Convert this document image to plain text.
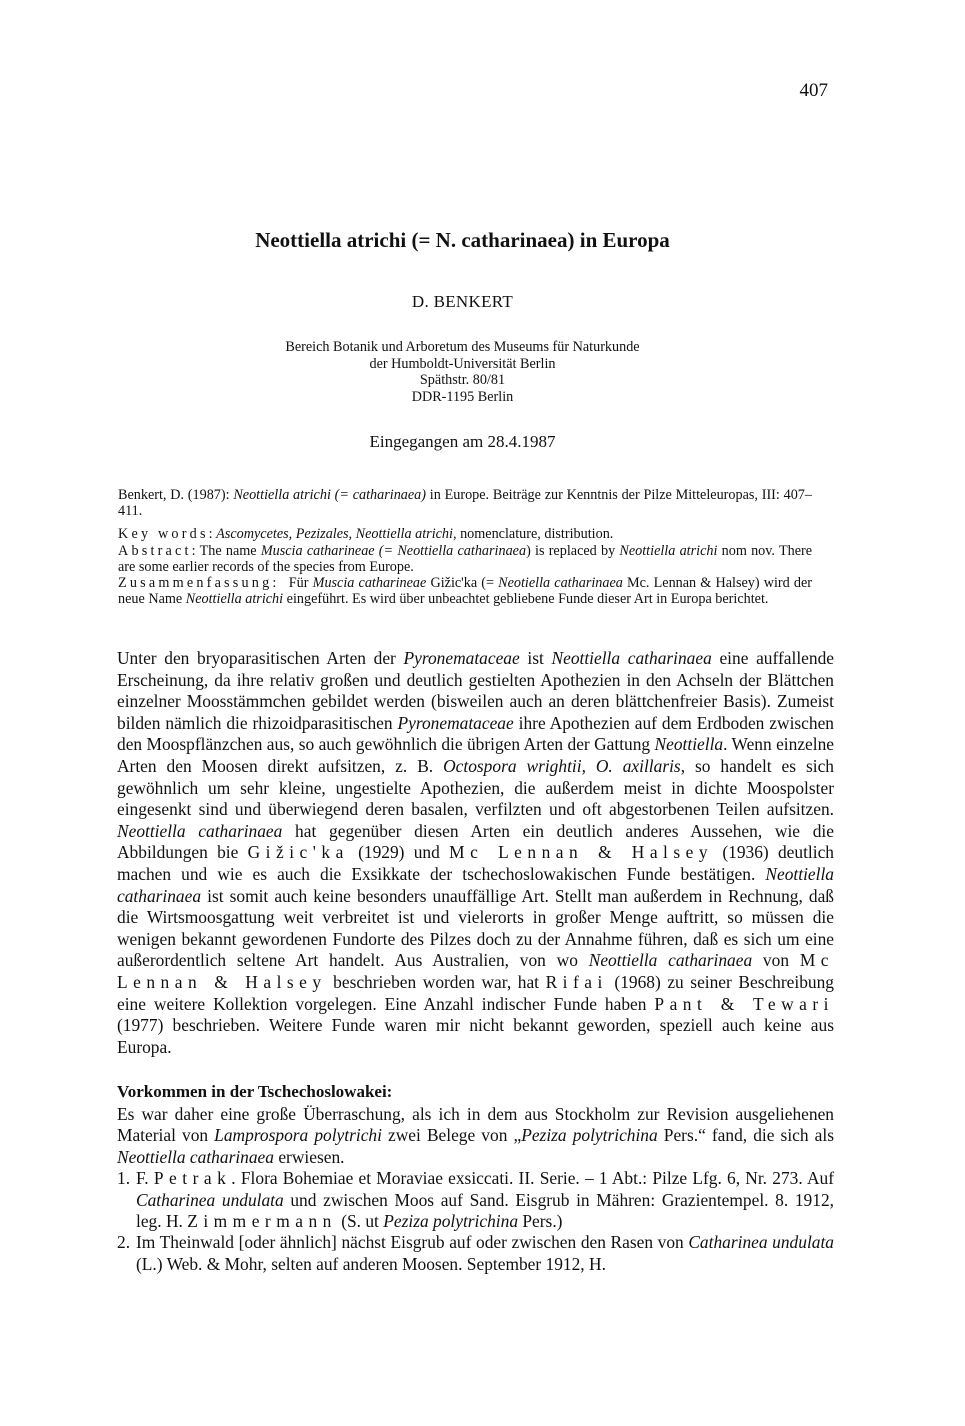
407
Neottiella atrichi (= N. catharinaea) in Europa
D. BENKERT
Bereich Botanik und Arboretum des Museums für Naturkunde
der Humboldt-Universität Berlin
Späthstr. 80/81
DDR-1195 Berlin
Eingegangen am 28.4.1987

Benkert, D. (1987): Neottiella atrichi (= catharinaea) in Europe. Beiträge zur Kenntnis der Pilze Mitteleuropas, III: 407–411.

Key words: Ascomycetes, Pezizales, Neottiella atrichi, nomenclature, distribution.

Abstract: The name Muscia catharineae (= Neottiella catharinaea) is replaced by Neottiella atrichi nom nov. There are some earlier records of the species from Europe.

Zusammenfassung:   Für Muscia catharineae Gižic'ka (= Neotiella catharinaea Mc. Lennan & Halsey) wird der neue Name Neottiella atrichi eingeführt. Es wird über unbeachtet gebliebene Funde dieser Art in Europa berichtet.

Unter den bryoparasitischen Arten der Pyronemataceae ist Neottiella catharinaea eine auffallende Erscheinung, da ihre relativ großen und deutlich gestielten Apothezien in den Achseln der Blättchen einzelner Moosstämmchen gebildet werden (bisweilen auch an deren blättchenfreier Basis). Zumeist bilden nämlich die rhizoidparasitischen Pyronemataceae ihre Apothezien auf dem Erdboden zwischen den Moospflänzchen aus, so auch gewöhnlich die übrigen Arten der Gattung Neottiella. Wenn einzelne Arten den Moosen direkt aufsitzen, z. B. Octospora wrightii, O. axillaris, so handelt es sich gewöhnlich um sehr kleine, ungestielte Apothezien, die außerdem meist in dichte Moospolster eingesenkt sind und überwiegend deren basalen, verfilzten und oft abgestorbenen Teilen aufsitzen. Neottiella catharinaea hat gegenüber diesen Arten ein deutlich anderes Aussehen, wie die Abbildungen bie Gižic'ka (1929) und Mc Lennan & Halsey (1936) deutlich machen und wie es auch die Exsikkate der tschechoslowakischen Funde bestätigen. Neottiella catharinaea ist somit auch keine besonders unauffällige Art. Stellt man außerdem in Rechnung, daß die Wirtsmoosgattung weit verbreitet ist und vielerorts in großer Menge auftritt, so müssen die wenigen bekannt gewordenen Fundorte des Pilzes doch zu der Annahme führen, daß es sich um eine außerordentlich seltene Art handelt. Aus Australien, von wo Neottiella catharinaea von Mc Lennan & Halsey beschrieben worden war, hat Rifai (1968) zu seiner Beschreibung eine weitere Kollektion vorgelegen. Eine Anzahl indischer Funde haben Pant & Tewari (1977) beschrieben. Weitere Funde waren mir nicht bekannt geworden, speziell auch keine aus Europa.

Vorkommen in der Tschechoslowakei:

Es war daher eine große Überraschung, als ich in dem aus Stockholm zur Revision ausgeliehenen Material von Lamprospora polytrichi zwei Belege von „Peziza polytrichina Pers.“ fand, die sich als Neottiella catharinaea erwiesen.

1. F. Petrak. Flora Bohemiae et Moraviae exsiccati. II. Serie. – 1 Abt.: Pilze Lfg. 6, Nr. 273. Auf Catharinea undulata und zwischen Moos auf Sand. Eisgrub in Mähren: Grazientempel. 8. 1912, leg. H. Zimmermann (S. ut Peziza polytrichina Pers.)
2. Im Theinwald [oder ähnlich] nächst Eisgrub auf oder zwischen den Rasen von Catharinea undulata (L.) Web. & Mohr, selten auf anderen Moosen. September 1912, H.
